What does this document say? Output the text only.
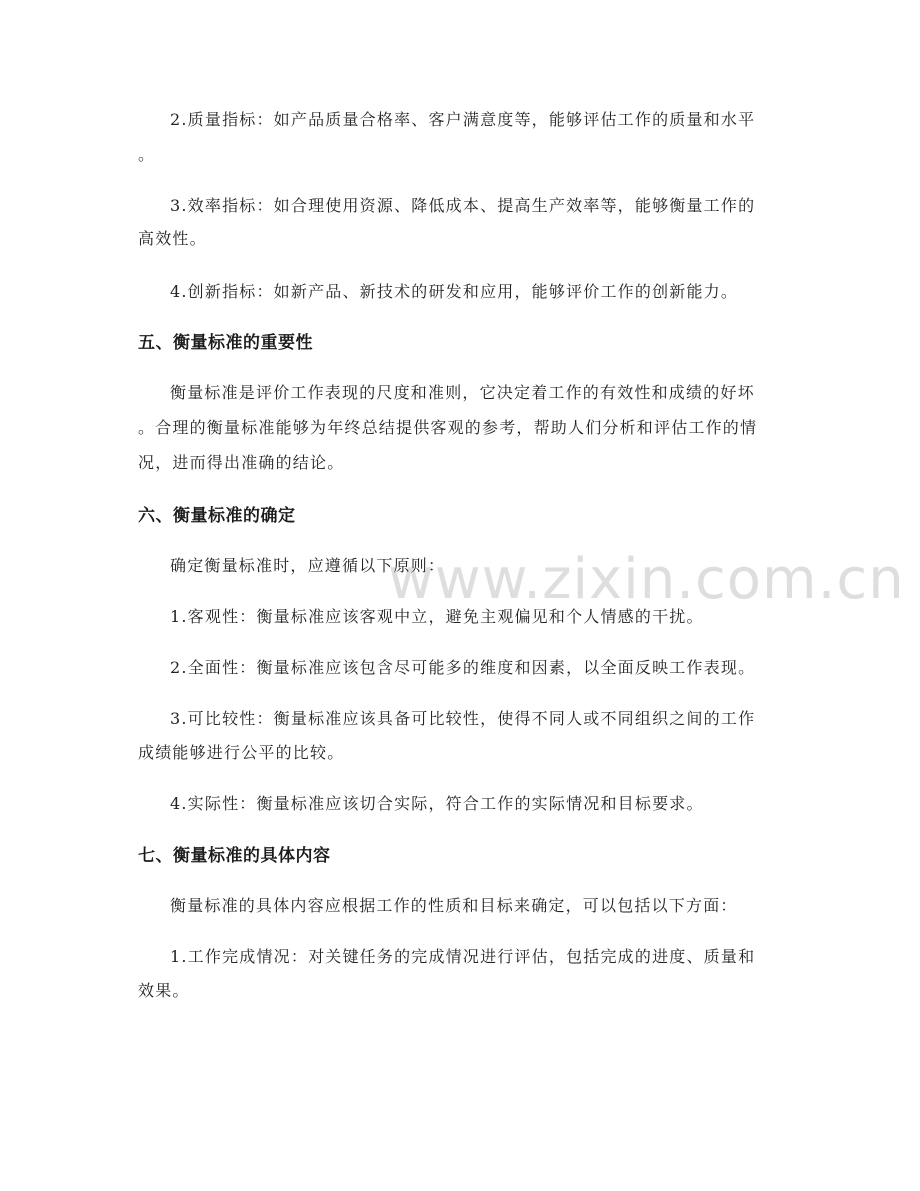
www.zixin.com.cn
2.质量指标：如产品质量合格率、客户满意度等，能够评估工作的质量和水平
。
3.效率指标：如合理使用资源、降低成本、提高生产效率等，能够衡量工作的
高效性。
4.创新指标：如新产品、新技术的研发和应用，能够评价工作的创新能力。
五、衡量标准的重要性
衡量标准是评价工作表现的尺度和准则，它决定着工作的有效性和成绩的好坏
。合理的衡量标准能够为年终总结提供客观的参考，帮助人们分析和评估工作的情
况，进而得出准确的结论。
六、衡量标准的确定
确定衡量标准时，应遵循以下原则：
1.客观性：衡量标准应该客观中立，避免主观偏见和个人情感的干扰。
2.全面性：衡量标准应该包含尽可能多的维度和因素，以全面反映工作表现。
3.可比较性：衡量标准应该具备可比较性，使得不同人或不同组织之间的工作
成绩能够进行公平的比较。
4.实际性：衡量标准应该切合实际，符合工作的实际情况和目标要求。
七、衡量标准的具体内容
衡量标准的具体内容应根据工作的性质和目标来确定，可以包括以下方面：
1.工作完成情况：对关键任务的完成情况进行评估，包括完成的进度、质量和
效果。
